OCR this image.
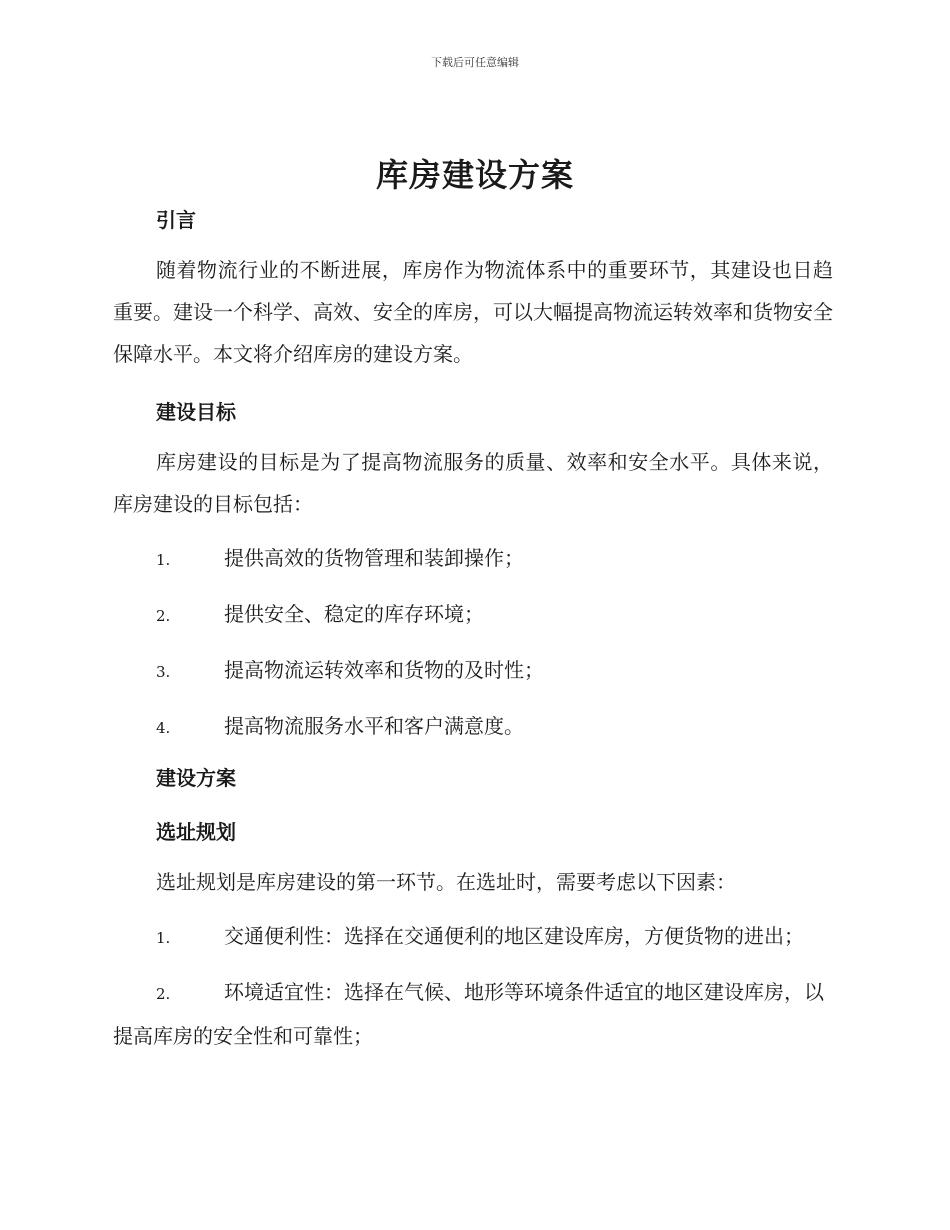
下载后可任意编辑
库房建设方案

引言

随着物流行业的不断进展，库房作为物流体系中的重要环节，其建设也日趋重要。建设一个科学、高效、安全的库房，可以大幅提高物流运转效率和货物安全保障水平。本文将介绍库房的建设方案。

建设目标

库房建设的目标是为了提高物流服务的质量、效率和安全水平。具体来说，库房建设的目标包括：

1.	提供高效的货物管理和装卸操作；

2.	提供安全、稳定的库存环境；

3.	提高物流运转效率和货物的及时性；

4.	提高物流服务水平和客户满意度。

建设方案

选址规划

选址规划是库房建设的第一环节。在选址时，需要考虑以下因素：

1.	交通便利性：选择在交通便利的地区建设库房，方便货物的进出；

2.	环境适宜性：选择在气候、地形等环境条件适宜的地区建设库房，以提高库房的安全性和可靠性；
